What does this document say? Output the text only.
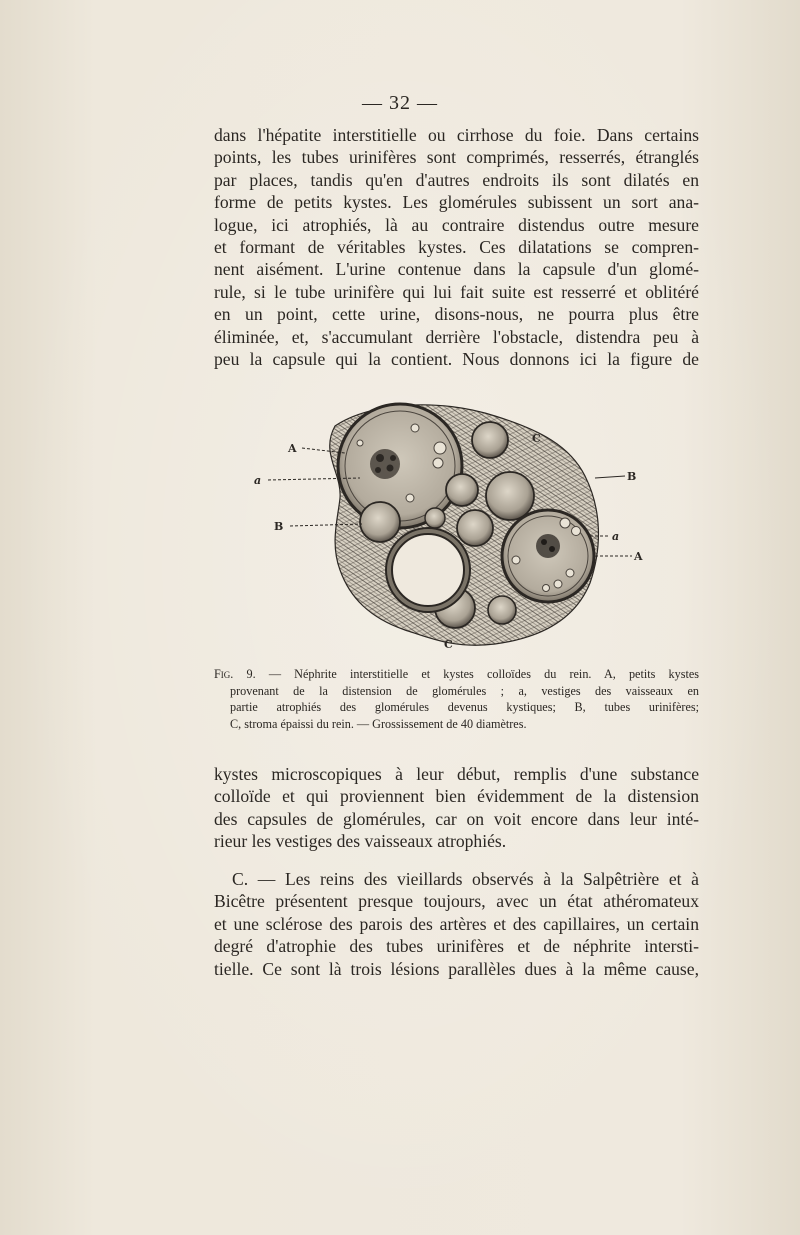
— 32 —

dans l'hépatite interstitielle ou cirrhose du foie. Dans certains
points, les tubes urinifères sont comprimés, resserrés, étranglés
par places, tandis qu'en d'autres endroits ils sont dilatés en
forme de petits kystes. Les glomérules subissent un sort ana-
logue, ici atrophiés, là au contraire distendus outre mesure
et formant de véritables kystes. Ces dilatations se compren-
nent aisément. L'urine contenue dans la capsule d'un glomé-
rule, si le tube urinifère qui lui fait suite est resserré et oblitéré
en un point, cette urine, disons-nous, ne pourra plus être
éliminée, et, s'accumulant derrière l'obstacle, distendra peu à
peu la capsule qui la contient. Nous donnons ici la figure de

A
a
B
C
B
a
A
C
Fig. 9. — Néphrite interstitielle et kystes colloïdes du rein. A, petits kystes
provenant de la distension de glomérules ; a, vestiges des vaisseaux en
partie atrophiés des glomérules devenus kystiques; B, tubes urinifères;
C, stroma épaissi du rein. — Grossissement de 40 diamètres.

kystes microscopiques à leur début, remplis d'une substance
colloïde et qui proviennent bien évidemment de la distension
des capsules de glomérules, car on voit encore dans leur inté-
rieur les vestiges des vaisseaux atrophiés.

C. — Les reins des vieillards observés à la Salpêtrière et à
Bicêtre présentent presque toujours, avec un état athéromateux
et une sclérose des parois des artères et des capillaires, un certain
degré d'atrophie des tubes urinifères et de néphrite intersti-
tielle. Ce sont là trois lésions parallèles dues à la même cause,
